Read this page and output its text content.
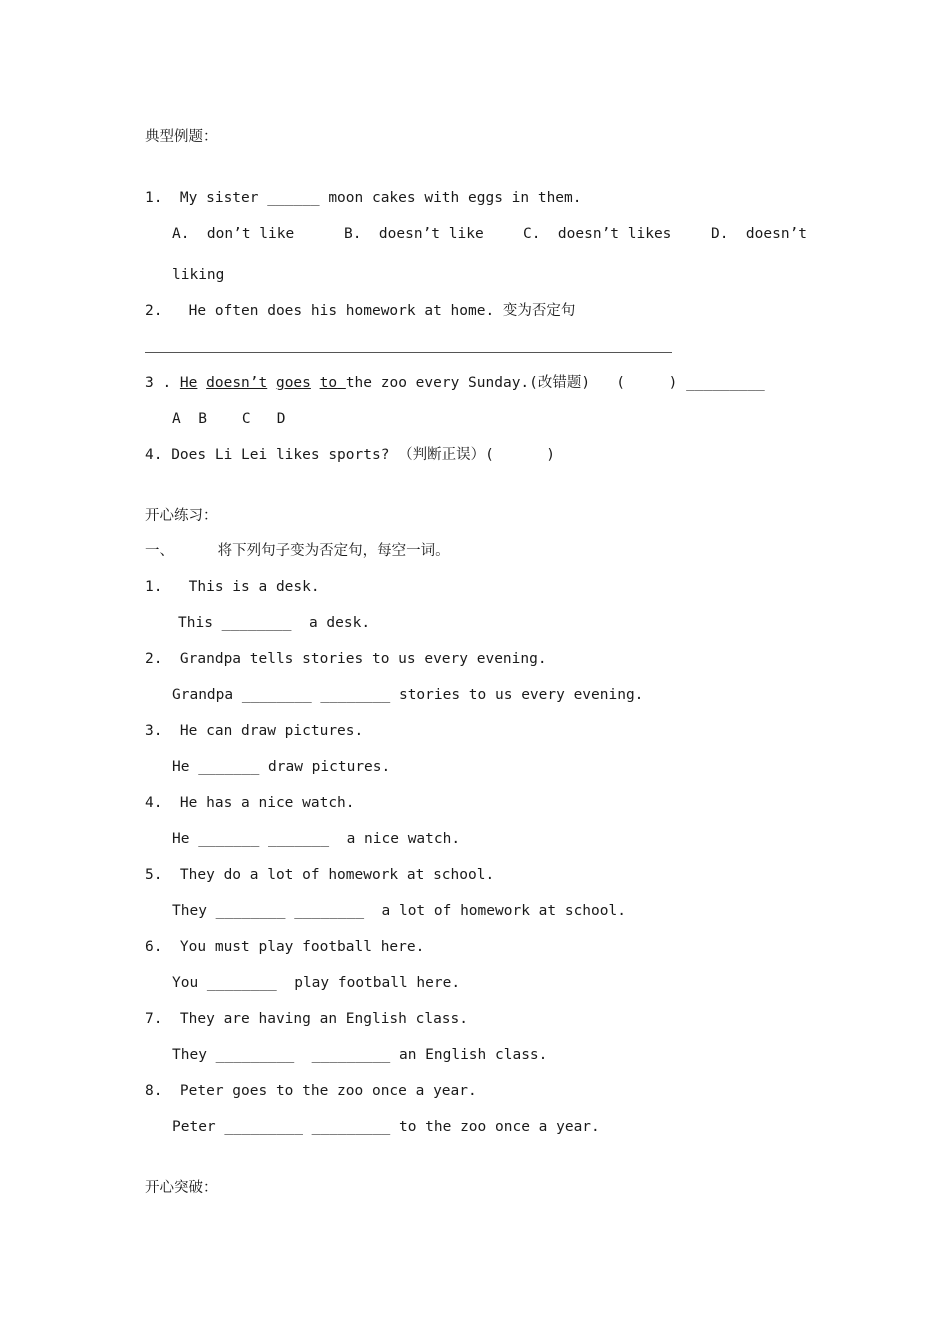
典型例题：
1.  My sister ______ moon cakes with eggs in them.
A.  don’t like	B.  doesn’t like	C.  doesn’t likes	D.  doesn’t
liking
2.   He often does his homework at home. 变为否定句
3 . He doesn’t goes to the zoo every Sunday.(改错题)   (     ) _________
A  B    C   D
4. Does Li Lei likes sports? （判断正误）(      )
开心练习：
一、     将下列句子变为否定句，每空一词。
1.   This is a desk.
This ________  a desk.
2.  Grandpa tells stories to us every evening.
Grandpa ________ ________ stories to us every evening.
3.  He can draw pictures.
He _______ draw pictures.
4.  He has a nice watch.
He _______ _______  a nice watch.
5.  They do a lot of homework at school.
They ________ ________  a lot of homework at school.
6.  You must play football here.
You ________  play football here.
7.  They are having an English class.
They _________  _________ an English class.
8.  Peter goes to the zoo once a year.
Peter _________ _________ to the zoo once a year.
开心突破：
